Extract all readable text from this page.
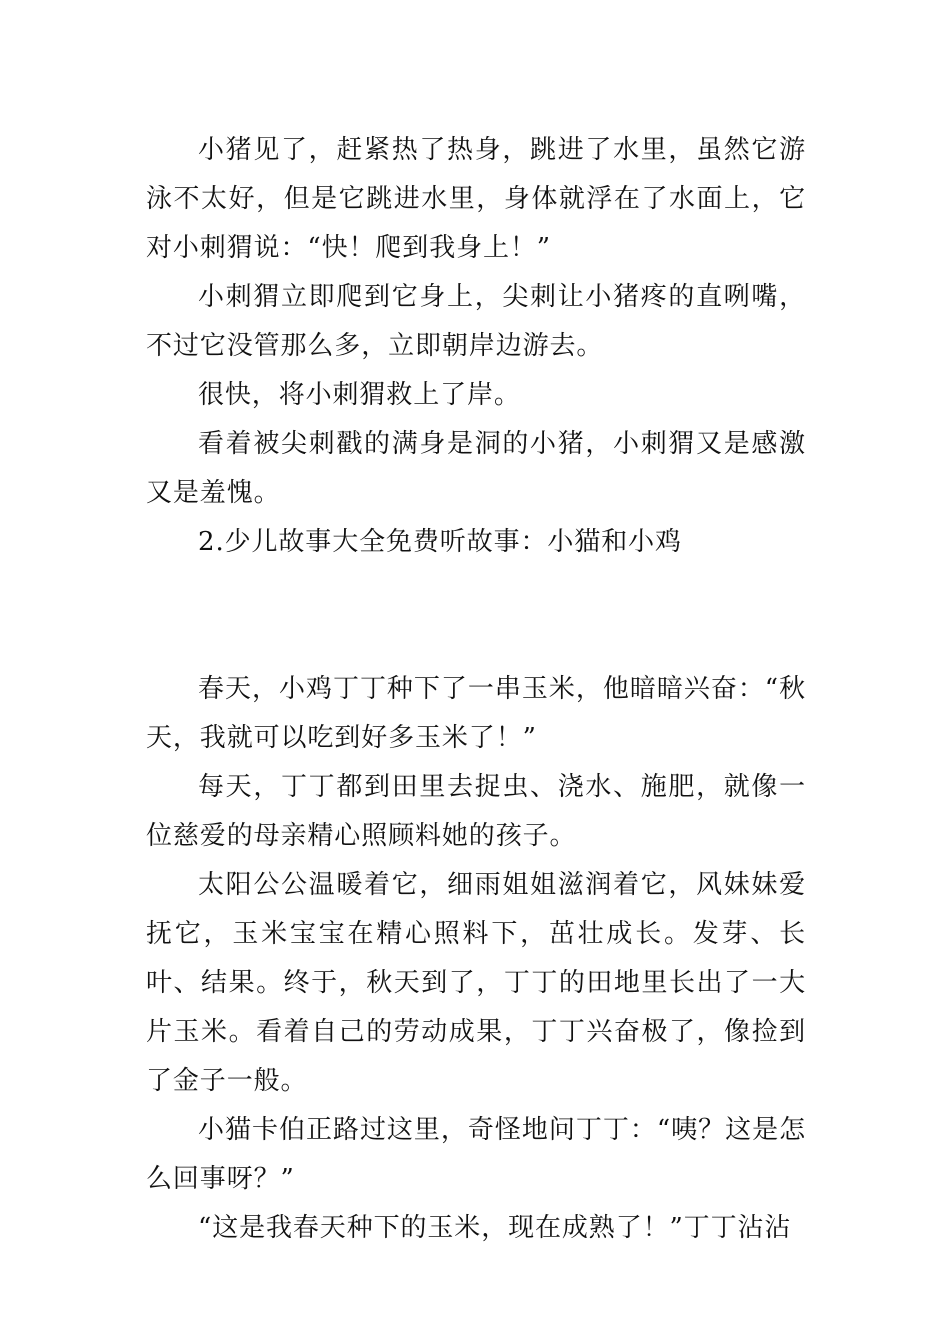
小猪见了，赶紧热了热身，跳进了水里，虽然它游泳不太好，但是它跳进水里，身体就浮在了水面上，它对小刺猬说：“快！爬到我身上！”

小刺猬立即爬到它身上，尖刺让小猪疼的直咧嘴，不过它没管那么多，立即朝岸边游去。

很快，将小刺猬救上了岸。

看着被尖刺戳的满身是洞的小猪，小刺猬又是感激又是羞愧。

2.少儿故事大全免费听故事：小猫和小鸡

春天，小鸡丁丁种下了一串玉米，他暗暗兴奋：“秋天，我就可以吃到好多玉米了！”

每天，丁丁都到田里去捉虫、浇水、施肥，就像一位慈爱的母亲精心照顾料她的孩子。

太阳公公温暖着它，细雨姐姐滋润着它，风妹妹爱抚它，玉米宝宝在精心照料下，茁壮成长。发芽、长叶、结果。终于，秋天到了，丁丁的田地里长出了一大片玉米。看着自己的劳动成果，丁丁兴奋极了，像捡到了金子一般。

小猫卡伯正路过这里，奇怪地问丁丁：“咦？这是怎么回事呀？”

“这是我春天种下的玉米，现在成熟了！”丁丁沾沾
